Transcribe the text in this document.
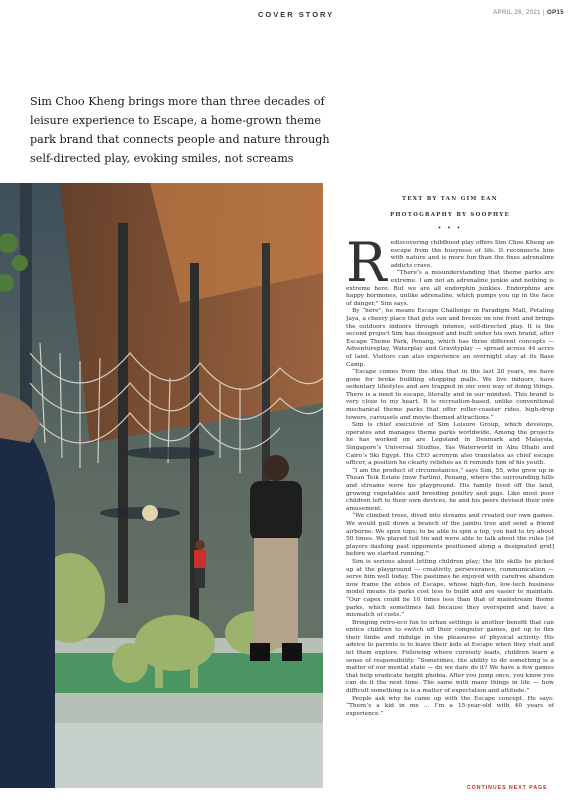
COVER STORY	APRIL 26, 2021 | OP15
Sim Choo Kheng brings more than three decades of leisure experience to Escape, a home-grown theme park brand that connects people and nature through self-directed play, evoking smiles, not screams
TEXT BY TAN GIM EAN
PHOTOGRAPHY BY SOOPHYE
• • •

Rediscovering childhood play offers Sim Choo Kheng an escape from the busyness of life. It reconnects him with nature and is more fun than the fixes adrenaline addicts crave.

“There’s a misunderstanding that theme parks are extreme. I am not an adrenaline junkie and nothing is extreme here. But we are all endorphin junkies. Endorphins are happy hormones, unlike adrenaline, which pumps you up in the face of danger,” Sim says.

By “here”, he means Escape Challenge in Paradigm Mall, Petaling Jaya, a cheery place that gets sun and breeze on one front and brings the outdoors indoors through intense, self-directed play. It is the second project Sim has designed and built under his own brand, after Escape Theme Park, Penang, which has three different concepts — Adventureplay, Waterplay and Gravityplay — spread across 44 acres of land. Visitors can also experience an overnight stay at its Base Camp.

“Escape comes from the idea that in the last 20 years, we have gone for broke building shopping malls. We live indoors, have sedentary lifestyles and are trapped in our own way of doing things. There is a need to escape, literally and in our mindset. This brand is very close to my heart. It is recreation-based, unlike conventional mechanical theme parks that offer roller-coaster rides, high-drop towers, carousels and movie-themed attractions.”

Sim is chief executive of Sim Leisure Group, which develops, operates and manages theme parks worldwide. Among the projects he has worked on are Legoland in Denmark and Malaysia, Singapore’s Universal Studios, Yas Waterworld in Abu Dhabi and Cairo’s Ski Egypt. His CEO acronym also translates as chief escape officer, a position he clearly relishes as it reminds him of his youth.

“I am the product of circumstances,” says Sim, 55, who grew up in Thean Teik Estate (now Farlim), Penang, where the surrounding hills and streams were his playground. His family lived off the land, growing vegetables and breeding poultry and pigs. Like most poor children left to their own devices, he and his peers devised their own amusement.

“We climbed trees, dived into streams and created our own games. We would pull down a branch of the jambu tree and send a friend airborne. We spun tops; to be able to spin a top, you had to try about 50 times. We played tuil tin and were able to talk about the rules [of players dashing past opponents positioned along a designated grid] before we started running.”

Sim is serious about letting children play; the life skills he picked up at the playground — creativity, perseverance, communication — serve him well today. The pastimes he enjoyed with carefree abandon now frame the ethos of Escape, whose high-fun, low-tech business model means its parks cost less to build and are easier to maintain. “Our capex could be 10 times less than that of mainstream theme parks, which sometimes fail because they overspend and have a mismatch of costs.”

Bringing retro-eco fun to urban settings is another benefit that can entice children to switch off their computer games, get up to flex their limbs and indulge in the pleasures of physical activity. His advice to parents is to leave their kids at Escape when they visit and let them explore. Following where curiosity leads, children learn a sense of responsibility. “Sometimes, the ability to do something is a matter of our mental state — do we dare do it? We have a few games that help eradicate height phobia. After you jump once, you know you can do it the next time. The same with many things in life — how difficult something is is a matter of expectation and attitude.”

People ask why he came up with the Escape concept. He says: “There’s a kid in me ... I’m a 15-year-old with 40 years of experience.”

CONTINUES NEXT PAGE
